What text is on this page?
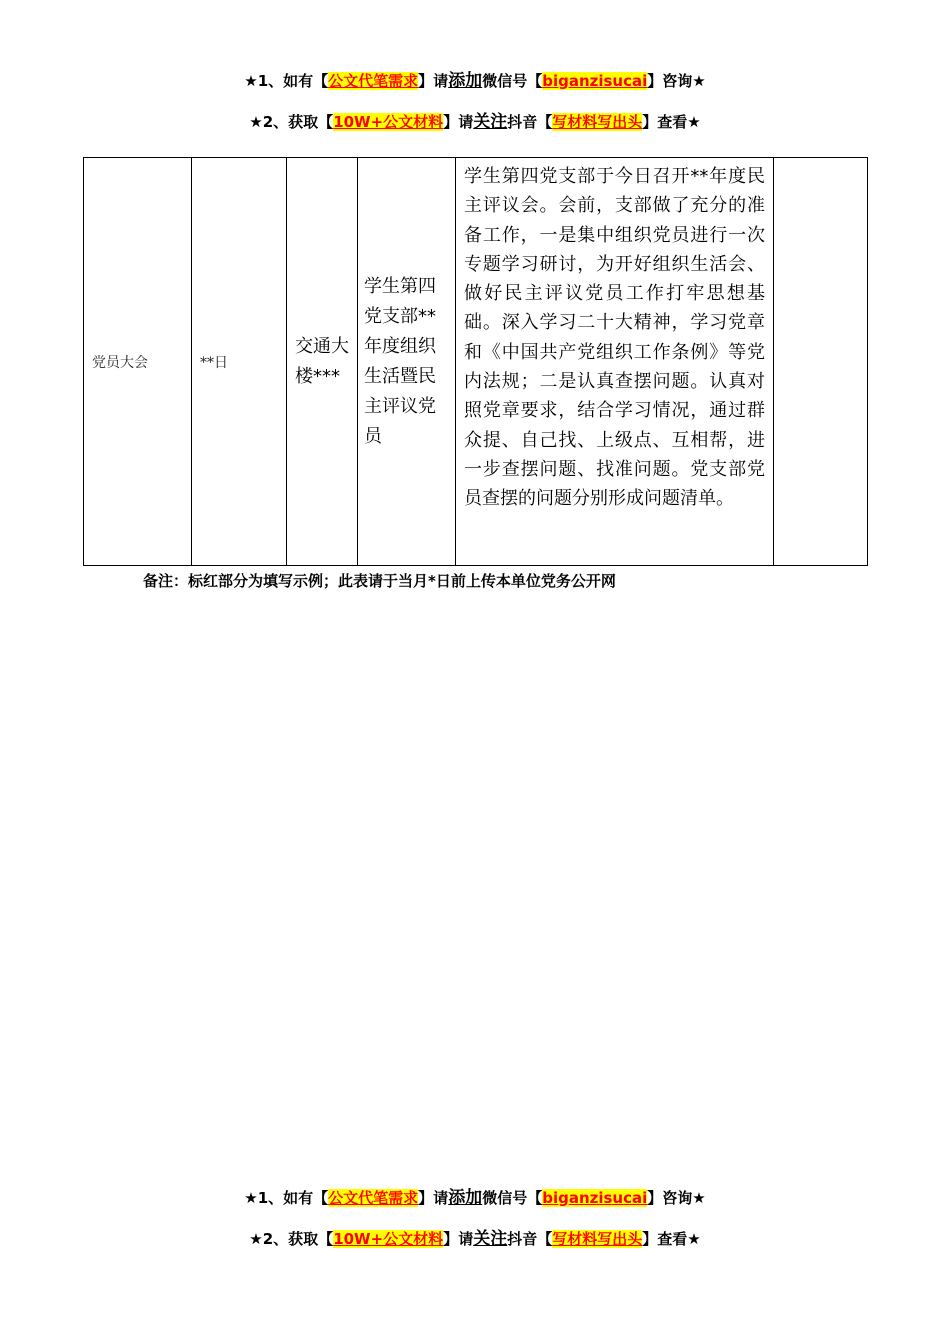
★1、如有【公文代笔需求】请添加微信号【biganzisucai】咨询★
★2、获取【10W+公文材料】请关注抖音【写材料写出头】查看★
党员大会	**日	交通大楼***	学生第四党支部**年度组织生活暨民主评议党员	学生第四党支部于今日召开**年度民主评议会。会前，支部做了充分的准备工作，一是集中组织党员进行一次专题学习研讨，为开好组织生活会、做好民主评议党员工作打牢思想基础。深入学习二十大精神，学习党章和《中国共产党组织工作条例》等党内法规；二是认真查摆问题。认真对照党章要求，结合学习情况，通过群众提、自己找、上级点、互相帮，进一步查摆问题、找准问题。党支部党员查摆的问题分别形成问题清单。	
备注：标红部分为填写示例；此表请于当月*日前上传本单位党务公开网
★1、如有【公文代笔需求】请添加微信号【biganzisucai】咨询★
★2、获取【10W+公文材料】请关注抖音【写材料写出头】查看★
